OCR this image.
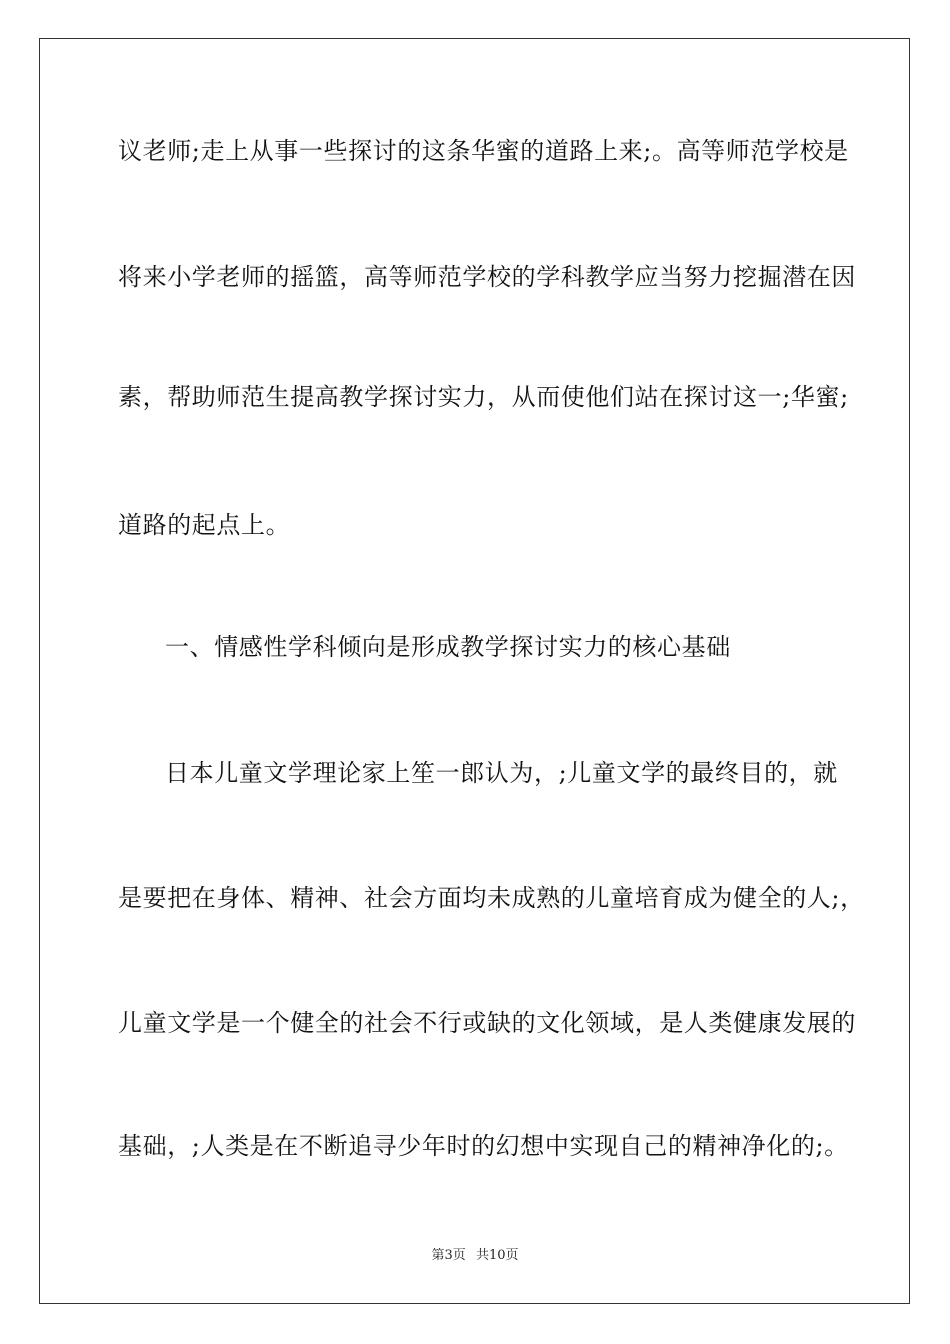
议老师;走上从事一些探讨的这条华蜜的道路上来;。高等师范学校是
将来小学老师的摇篮，高等师范学校的学科教学应当努力挖掘潜在因
素，帮助师范生提高教学探讨实力，从而使他们站在探讨这一;华蜜;
道路的起点上。
一、情感性学科倾向是形成教学探讨实力的核心基础
日本儿童文学理论家上笙一郎认为，;儿童文学的最终目的，就
是要把在身体、精神、社会方面均未成熟的儿童培育成为健全的人;，
儿童文学是一个健全的社会不行或缺的文化领域，是人类健康发展的
基础，;人类是在不断追寻少年时的幻想中实现自己的精神净化的;。
第3页 共10页
